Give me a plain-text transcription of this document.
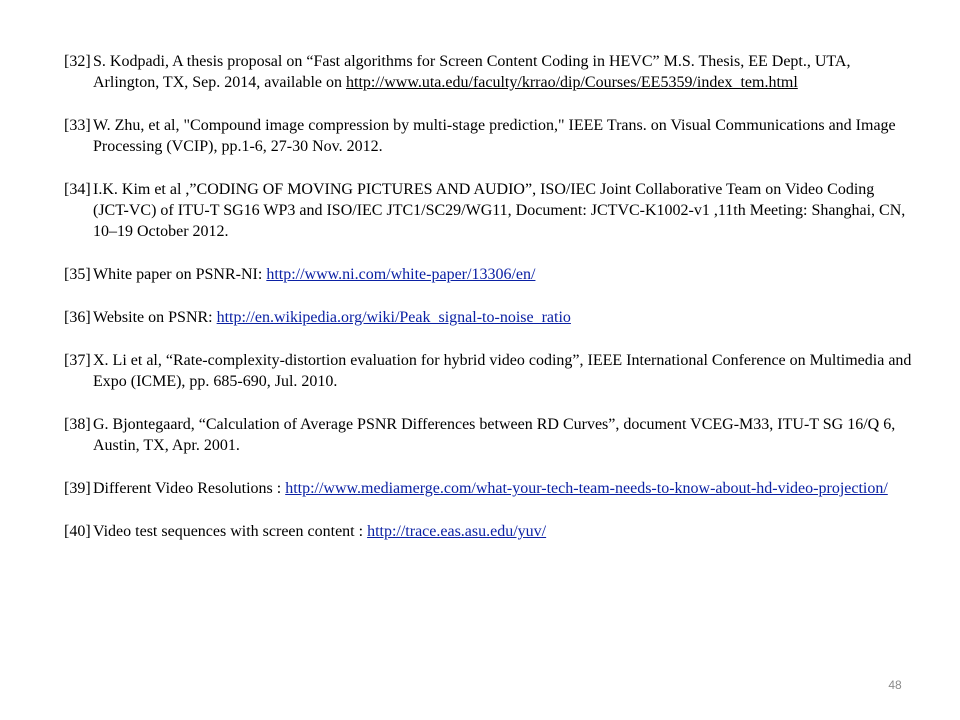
[32] S. Kodpadi, A thesis proposal on “Fast algorithms for Screen Content Coding in HEVC” M.S. Thesis, EE Dept., UTA, Arlington, TX, Sep. 2014, available on http://www.uta.edu/faculty/krrao/dip/Courses/EE5359/index_tem.html
[33] W. Zhu, et al, "Compound image compression by multi-stage prediction," IEEE Trans. on Visual Communications and Image Processing (VCIP), pp.1-6, 27-30 Nov. 2012.
[34] I.K. Kim et al ,”CODING OF MOVING PICTURES AND AUDIO”, ISO/IEC Joint Collaborative Team on Video Coding (JCT-VC) of ITU-T SG16 WP3 and ISO/IEC JTC1/SC29/WG11, Document: JCTVC-K1002-v1 ,11th Meeting: Shanghai, CN, 10–19 October 2012.
[35] White paper on PSNR-NI: http://www.ni.com/white-paper/13306/en/
[36] Website on PSNR: http://en.wikipedia.org/wiki/Peak_signal-to-noise_ratio
[37] X. Li et al, “Rate-complexity-distortion evaluation for hybrid video coding”, IEEE International Conference on Multimedia and Expo (ICME), pp. 685-690, Jul. 2010.
[38] G. Bjontegaard, “Calculation of Average PSNR Differences between RD Curves”, document VCEG-M33, ITU-T SG 16/Q 6, Austin, TX, Apr. 2001.
[39] Different Video Resolutions : http://www.mediamerge.com/what-your-tech-team-needs-to-know-about-hd-video-projection/
[40] Video test sequences with screen content : http://trace.eas.asu.edu/yuv/
48
